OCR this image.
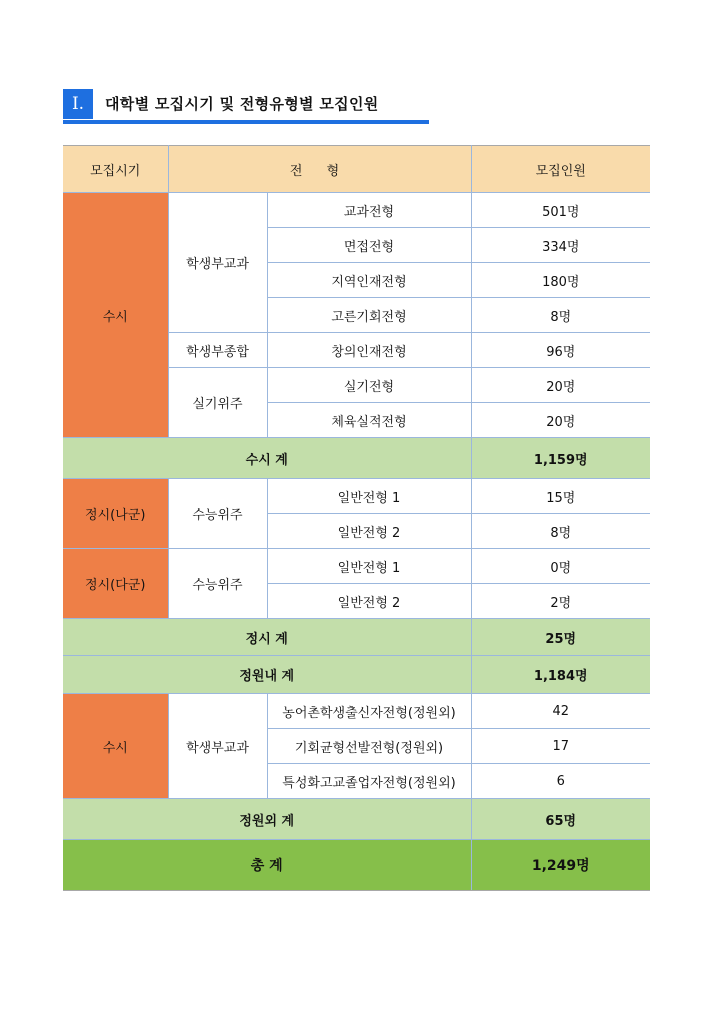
Ⅰ.	대학별 모집시기 및 전형유형별 모집인원
모집시기	전 형		모집인원
수시	학생부교과	교과전형	501명
		면접전형	334명
		지역인재전형	180명
		고른기회전형	8명
	학생부종합	창의인재전형	96명
	실기위주	실기전형	20명
		체육실적전형	20명
수시 계			1,159명
정시(나군)	수능위주	일반전형 1	15명
		일반전형 2	8명
정시(다군)	수능위주	일반전형 1	0명
		일반전형 2	2명
정시 계			25명
정원내 계			1,184명
수시	학생부교과	농어촌학생출신자전형(정원외)	42
		기회균형선발전형(정원외)	17
		특성화고교졸업자전형(정원외)	6
정원외 계			65명
총 계			1,249명
